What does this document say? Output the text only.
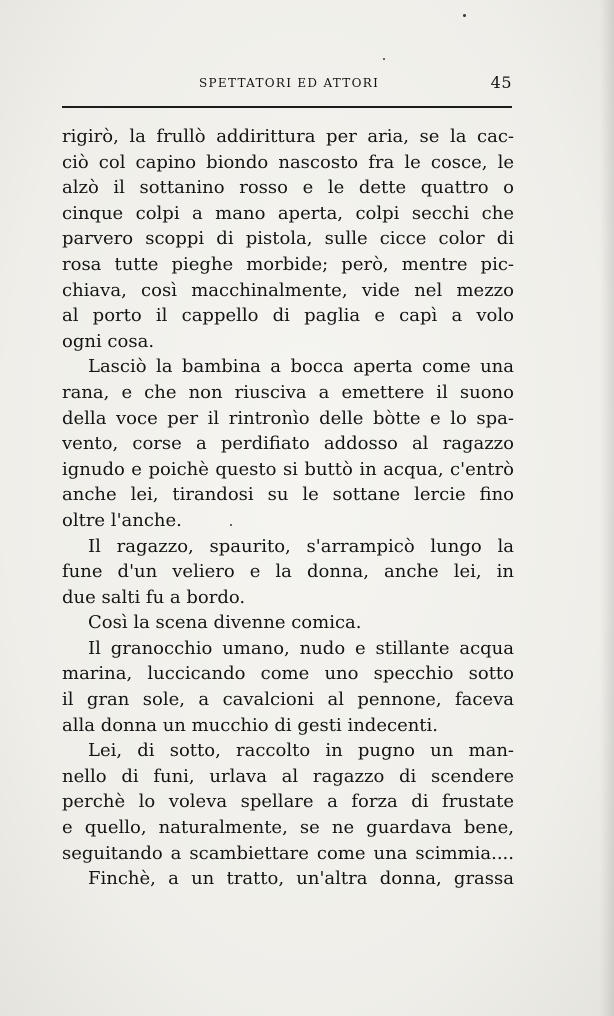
SPETTATORI ED ATTORI	45
rigirò, la frullò addirittura per aria, se la cac-
ciò col capino biondo nascosto fra le cosce, le
alzò il sottanino rosso e le dette quattro o
cinque colpi a mano aperta, colpi secchi che
parvero scoppi di pistola, sulle cicce color di
rosa tutte pieghe morbide; però, mentre pic-
chiava, così macchinalmente, vide nel mezzo
al porto il cappello di paglia e capì a volo
ogni cosa.
Lasciò la bambina a bocca aperta come una
rana, e che non riusciva a emettere il suono
della voce per il rintronìo delle bòtte e lo spa-
vento, corse a perdifiato addosso al ragazzo
ignudo e poichè questo si buttò in acqua, c'entrò
anche lei, tirandosi su le sottane lercie fino
oltre l'anche.
Il ragazzo, spaurito, s'arrampicò lungo la
fune d'un veliero e la donna, anche lei, in
due salti fu a bordo.
Così la scena divenne comica.
Il granocchio umano, nudo e stillante acqua
marina, luccicando come uno specchio sotto
il gran sole, a cavalcioni al pennone, faceva
alla donna un mucchio di gesti indecenti.
Lei, di sotto, raccolto in pugno un man-
nello di funi, urlava al ragazzo di scendere
perchè lo voleva spellare a forza di frustate
e quello, naturalmente, se ne guardava bene,
seguitando a scambiettare come una scimmia....
Finchè, a un tratto, un'altra donna, grassa
